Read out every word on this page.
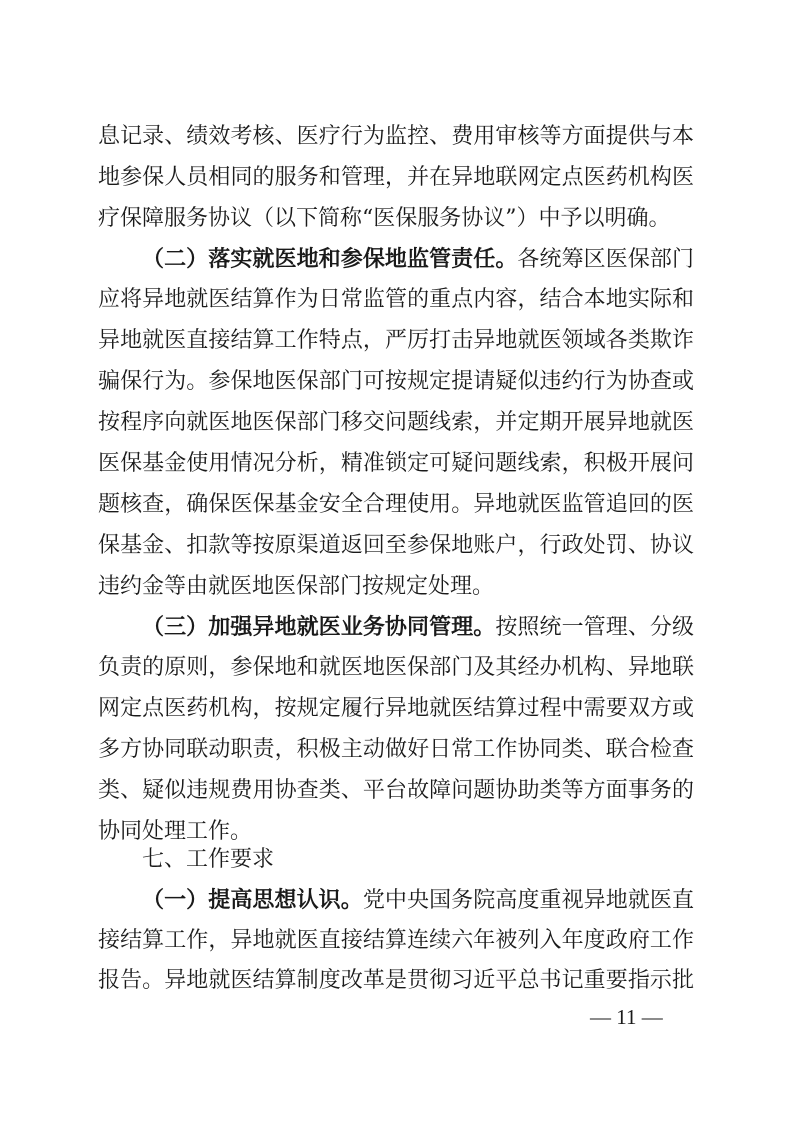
息记录、绩效考核、医疗行为监控、费用审核等方面提供与本
地参保人员相同的服务和管理，并在异地联网定点医药机构医
疗保障服务协议（以下简称“医保服务协议”）中予以明确。
（二）落实就医地和参保地监管责任。各统筹区医保部门
应将异地就医结算作为日常监管的重点内容，结合本地实际和
异地就医直接结算工作特点，严厉打击异地就医领域各类欺诈
骗保行为。参保地医保部门可按规定提请疑似违约行为协查或
按程序向就医地医保部门移交问题线索，并定期开展异地就医
医保基金使用情况分析，精准锁定可疑问题线索，积极开展问
题核查，确保医保基金安全合理使用。异地就医监管追回的医
保基金、扣款等按原渠道返回至参保地账户，行政处罚、协议
违约金等由就医地医保部门按规定处理。
（三）加强异地就医业务协同管理。按照统一管理、分级
负责的原则，参保地和就医地医保部门及其经办机构、异地联
网定点医药机构，按规定履行异地就医结算过程中需要双方或
多方协同联动职责，积极主动做好日常工作协同类、联合检查
类、疑似违规费用协查类、平台故障问题协助类等方面事务的
协同处理工作。
七、工作要求
（一）提高思想认识。党中央国务院高度重视异地就医直
接结算工作，异地就医直接结算连续六年被列入年度政府工作
报告。异地就医结算制度改革是贯彻习近平总书记重要指示批
— 11 —
